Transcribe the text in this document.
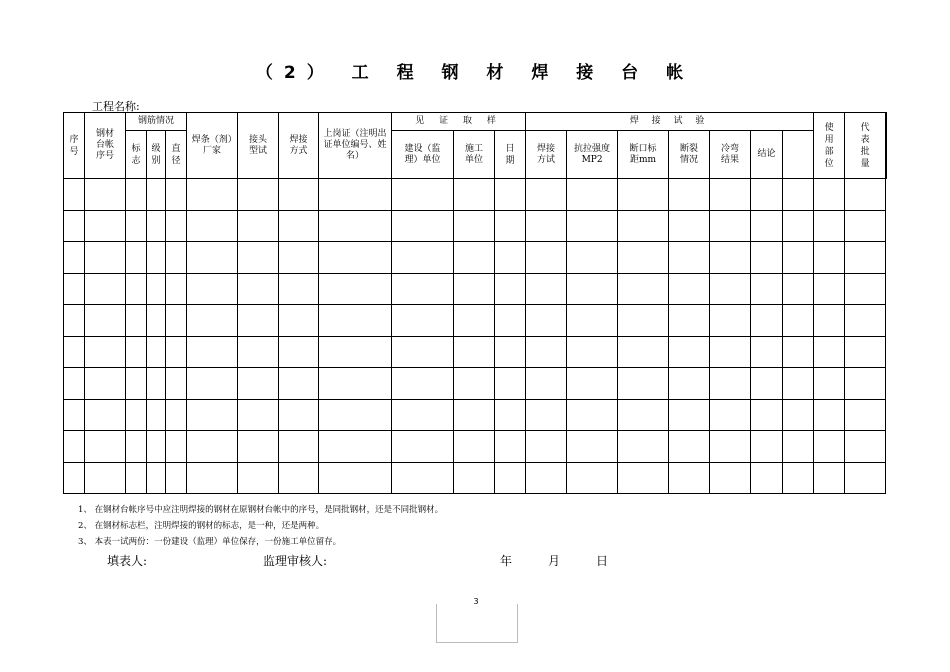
（2） 工 程 钢 材 焊 接 台 帐
工程名称:
序号	钢材台帐序号	钢筋情况			焊条（剂）厂家	接头型试	焊接方式	上岗证（注明出证单位编号、姓名）	见 证 取 样			焊 接 试 验							使用部位	代表批量	
		标志	级别	直径					建设（监理）单位	施工单位	日期	焊接方试	抗拉强度MP2	断口标距mm	断裂情况	冷弯结果	结论				

1、 在钢材台帐序号中应注明焊接的钢材在原钢材台帐中的序号，是同批钢材，还是不同批钢材。
2、 在钢材标志栏，注明焊接的钢材的标志，是一种，还是两种。
3、 本表一试两份：一份建设（监理）单位保存，一份施工单位留存。
填表人:	监理审核人:	年	月	日
3
